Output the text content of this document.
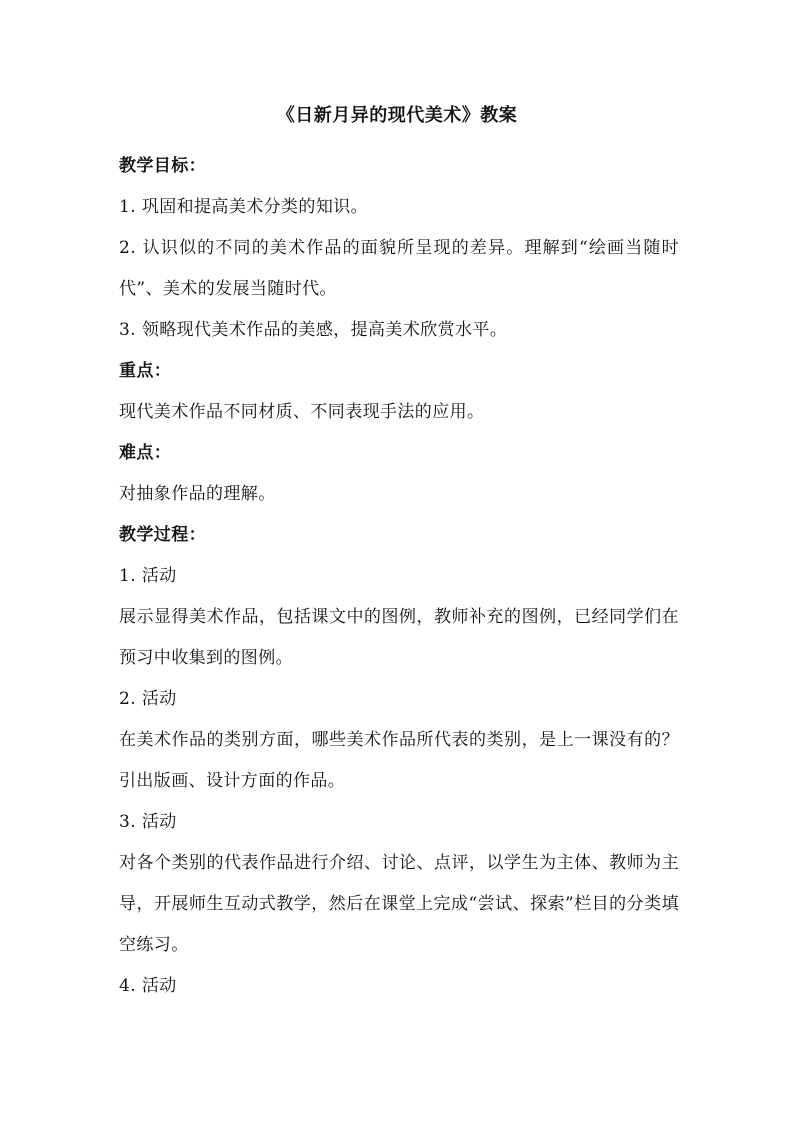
《日新月异的现代美术》教案
教学目标：
1. 巩固和提高美术分类的知识。
2. 认识似的不同的美术作品的面貌所呈现的差异。理解到“绘画当随时代”、美术的发展当随时代。
3. 领略现代美术作品的美感，提高美术欣赏水平。
重点：
现代美术作品不同材质、不同表现手法的应用。
难点：
对抽象作品的理解。
教学过程：
1. 活动
展示显得美术作品，包括课文中的图例，教师补充的图例，已经同学们在预习中收集到的图例。
2. 活动
在美术作品的类别方面，哪些美术作品所代表的类别，是上一课没有的？引出版画、设计方面的作品。
3. 活动
对各个类别的代表作品进行介绍、讨论、点评，以学生为主体、教师为主导，开展师生互动式教学，然后在课堂上完成“尝试、探索”栏目的分类填空练习。
4. 活动
